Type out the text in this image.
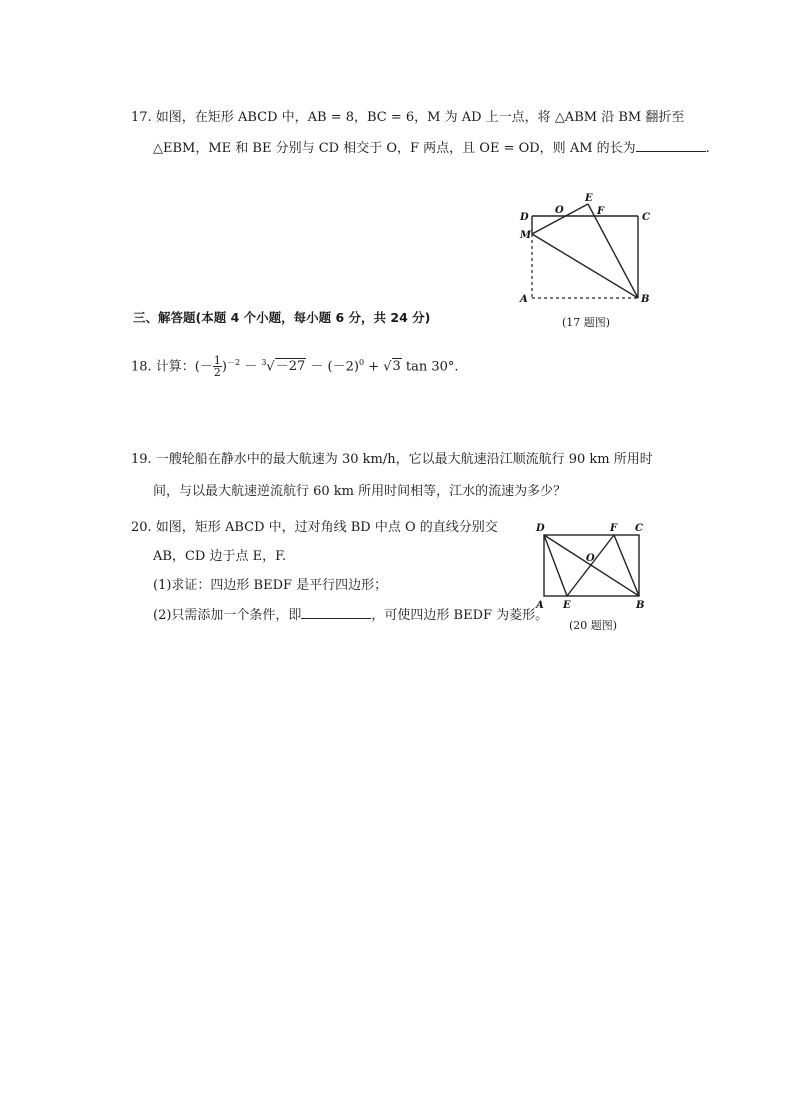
17. 如图，在矩形 ABCD 中，AB = 8，BC = 6，M 为 AD 上一点，将 △ABM 沿 BM 翻折至
△EBM，ME 和 BE 分别与 CD 相交于 O，F 两点，且 OE = OD，则 AM 的长为	.
D
M
O
E
F
C
A	B
(17 题图)
三、解答题(本题 4 个小题，每小题 6 分，共 24 分)
18. 计算：(－ $\frac{1}{2} )^{-2} - ^3√-27 - (-2)^0 + √3$ tan 30°.
19. 一艘轮船在静水中的最大航速为 30 km/h，它以最大航速沿江顺流航行 90 km 所用时
间，与以最大航速逆流航行 60 km 所用时间相等，江水的流速为多少？
20. 如图，矩形 ABCD 中，过对角线 BD 中点 O 的直线分别交
AB，CD 边于点 E，F.
(1)求证：四边形 BEDF 是平行四边形；
(2)只需添加一个条件，即	，可使四边形 BEDF 为菱形。
D	F C
O
A E	B
(20 题图)
